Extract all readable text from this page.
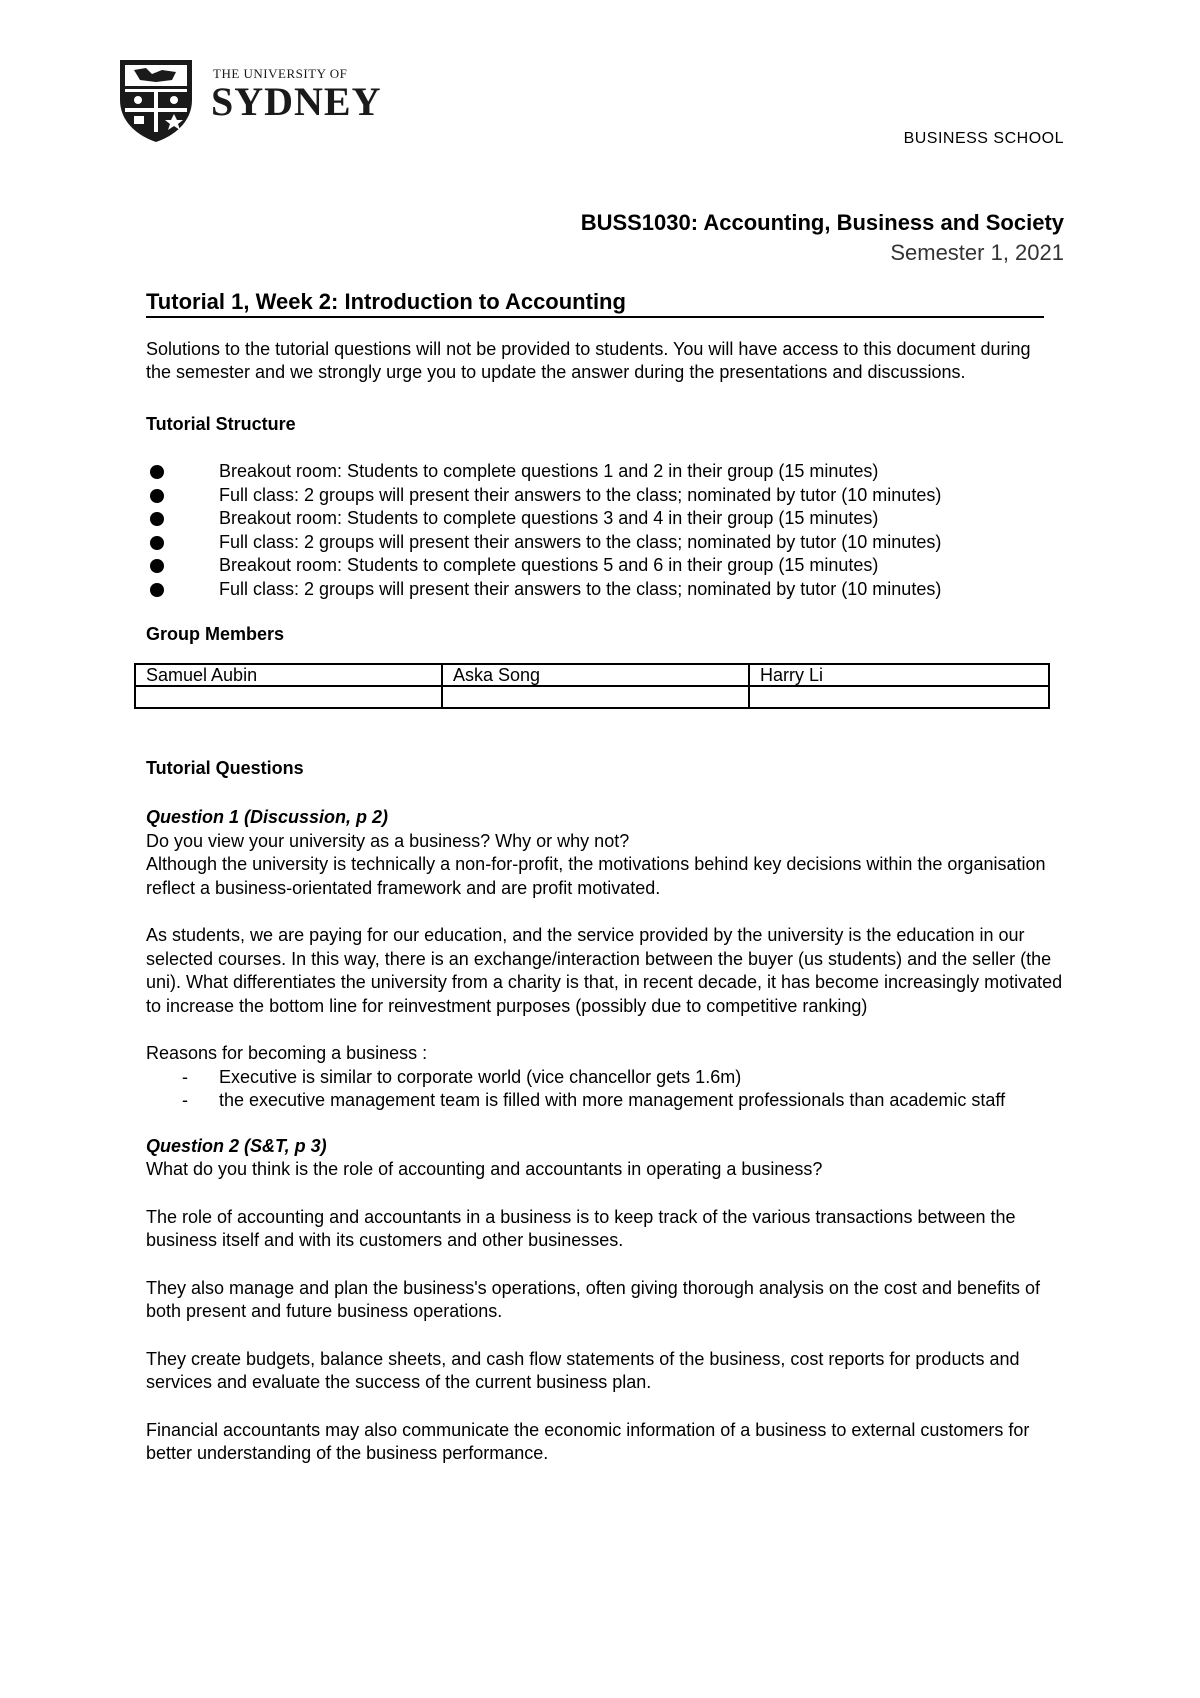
THE UNIVERSITY OF
SYDNEY
BUSINESS SCHOOL
BUSS1030: Accounting, Business and Society
Semester 1, 2021
Tutorial 1, Week 2: Introduction to Accounting

Solutions to the tutorial questions will not be provided to students. You will have access to this document during the semester and we strongly urge you to update the answer during the presentations and discussions.

Tutorial Structure

Breakout room: Students to complete questions 1 and 2 in their group (15 minutes)
Full class: 2 groups will present their answers to the class; nominated by tutor (10 minutes)
Breakout room: Students to complete questions 3 and 4 in their group (15 minutes)
Full class: 2 groups will present their answers to the class; nominated by tutor (10 minutes)
Breakout room: Students to complete questions 5 and 6 in their group (15 minutes)
Full class: 2 groups will present their answers to the class; nominated by tutor (10 minutes)

Group Members

Samuel Aubin	Aska Song	Harry Li

Tutorial Questions

Question 1 (Discussion, p 2)

Do you view your university as a business? Why or why not?

Although the university is technically a non-for-profit, the motivations behind key decisions within the organisation reflect a business-orientated framework and are profit motivated.

As students, we are paying for our education, and the service provided by the university is the education in our selected courses. In this way, there is an exchange/interaction between the buyer (us students) and the seller (the uni). What differentiates the university from a charity is that, in recent decade, it has become increasingly motivated to increase the bottom line for reinvestment purposes (possibly due to competitive ranking)

Reasons for becoming a business :

- Executive is similar to corporate world (vice chancellor gets 1.6m)
- the executive management team is filled with more management professionals than academic staff

Question 2 (S&T, p 3)

What do you think is the role of accounting and accountants in operating a business?

The role of accounting and accountants in a business is to keep track of the various transactions between the business itself and with its customers and other businesses.

They also manage and plan the business's operations, often giving thorough analysis on the cost and benefits of both present and future business operations.

They create budgets, balance sheets, and cash flow statements of the business, cost reports for products and services and evaluate the success of the current business plan.

Financial accountants may also communicate the economic information of a business to external customers for better understanding of the business performance.
